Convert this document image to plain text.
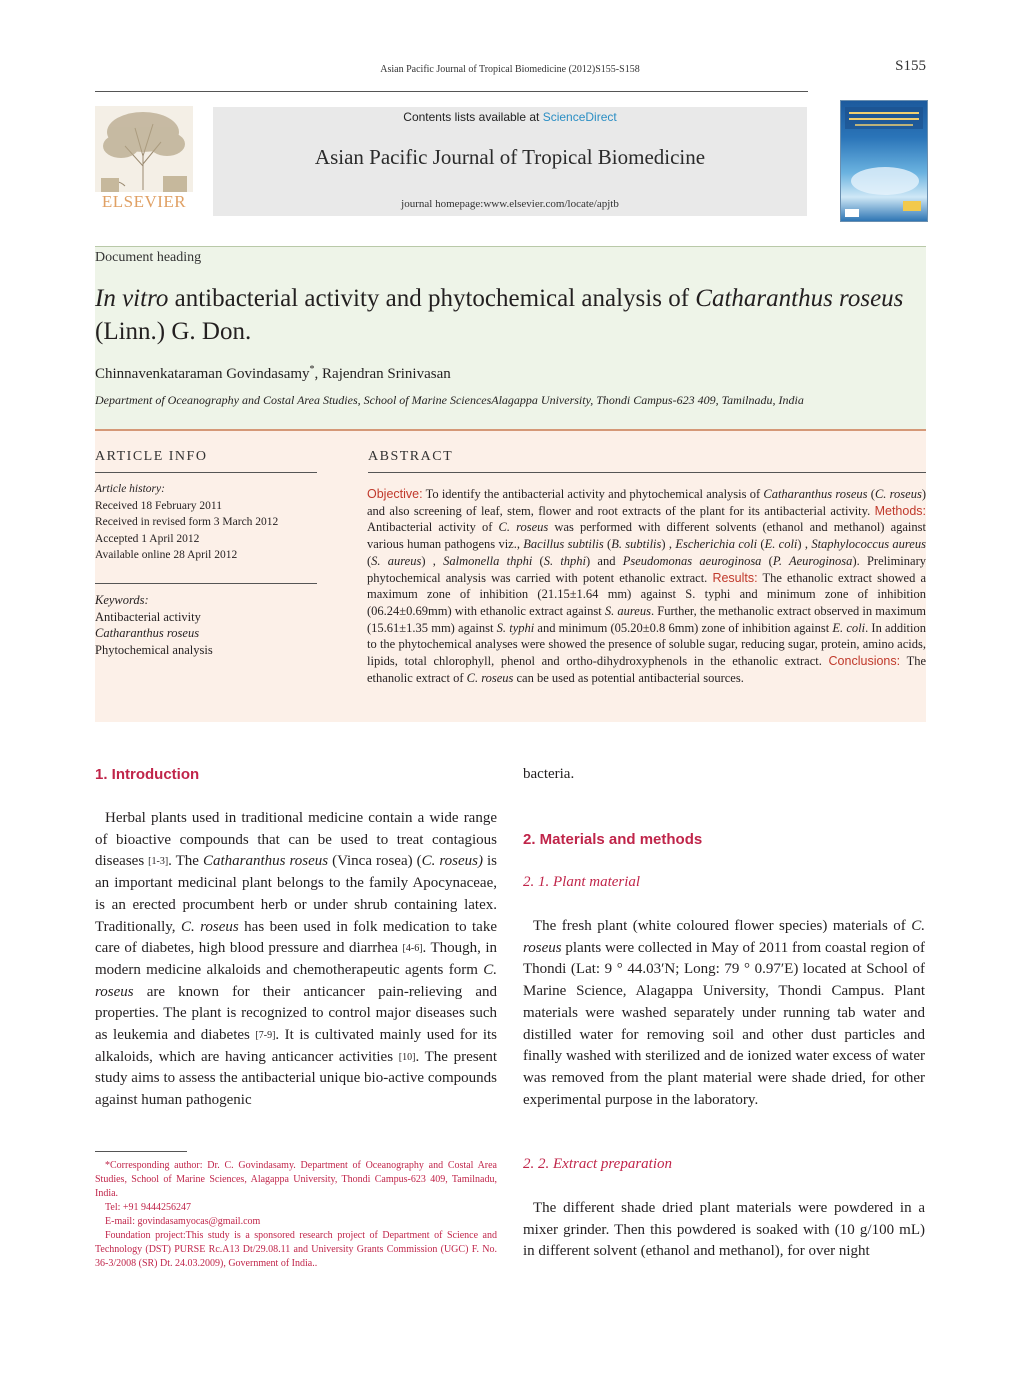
Asian Pacific Journal of Tropical Biomedicine (2012)S155-S158	S155
ELSEVIER
Contents lists available at ScienceDirect
Asian Pacific Journal of Tropical Biomedicine
journal homepage:www.elsevier.com/locate/apjtb
Document heading
In vitro antibacterial activity and phytochemical analysis of Catharanthus roseus (Linn.) G. Don.
Chinnavenkataraman Govindasamy*, Rajendran Srinivasan
Department of Oceanography and Costal Area Studies, School of Marine SciencesAlagappa University, Thondi Campus-623 409, Tamilnadu, India
ARTICLE INFO	ABSTRACT
Article history:
Received 18 February 2011
Received in revised form 3 March 2012
Accepted 1 April 2012
Available online 28 April 2012
Keywords:
Antibacterial activity
Catharanthus roseus
Phytochemical analysis
Objective: To identify the antibacterial activity and phytochemical analysis of Catharanthus roseus (C. roseus) and also screening of leaf, stem, flower and root extracts of the plant for its antibacterial activity. Methods: Antibacterial activity of C. roseus was performed with different solvents (ethanol and methanol) against various human pathogens viz., Bacillus subtilis (B. subtilis) , Escherichia coli (E. coli) , Staphylococcus aureus (S. aureus) , Salmonella thphi (S. thphi) and Pseudomonas aeuroginosa (P. Aeuroginosa). Preliminary phytochemical analysis was carried with potent ethanolic extract. Results: The ethanolic extract showed a maximum zone of inhibition (21.15±1.64 mm) against S. typhi and minimum zone of inhibition (06.24±0.69mm) with ethanolic extract against S. aureus. Further, the methanolic extract observed in maximum (15.61±1.35 mm) against S. typhi and minimum (05.20±0.8 6mm) zone of inhibition against E. coli. In addition to the phytochemical analyses were showed the presence of soluble sugar, reducing sugar, protein, amino acids, lipids, total chlorophyll, phenol and ortho-dihydroxyphenols in the ethanolic extract. Conclusions: The ethanolic extract of C. roseus can be used as potential antibacterial sources.
1. Introduction
Herbal plants used in traditional medicine contain a wide range of bioactive compounds that can be used to treat contagious diseases [1-3]. The Catharanthus roseus (Vinca rosea) (C. roseus) is an important medicinal plant belongs to the family Apocynaceae, is an erected procumbent herb or under shrub containing latex. Traditionally, C. roseus has been used in folk medication to take care of diabetes, high blood pressure and diarrhea [4-6]. Though, in modern medicine alkaloids and chemotherapeutic agents form C. roseus are known for their anticancer pain-relieving and properties. The plant is recognized to control major diseases such as leukemia and diabetes [7-9]. It is cultivated mainly used for its alkaloids, which are having anticancer activities [10]. The present study aims to assess the antibacterial unique bio-active compounds against human pathogenic
*Corresponding author: Dr. C. Govindasamy. Department of Oceanography and Costal Area Studies, School of Marine Sciences, Alagappa University, Thondi Campus-623 409, Tamilnadu, India.
Tel: +91 9444256247
E-mail: govindasamyocas@gmail.com
Foundation project:This study is a sponsored research project of Department of Science and Technology (DST) PURSE Rc.A13 Dt/29.08.11 and University Grants Commission (UGC) F. No. 36-3/2008 (SR) Dt. 24.03.2009), Government of India..
bacteria.
2. Materials and methods
2. 1. Plant material
The fresh plant (white coloured flower species) materials of C. roseus plants were collected in May of 2011 from coastal region of Thondi (Lat: 9 ° 44.03′N; Long: 79 ° 0.97′E) located at School of Marine Science, Alagappa University, Thondi Campus. Plant materials were washed separately under running tab water and distilled water for removing soil and other dust particles and finally washed with sterilized and de ionized water excess of water was removed from the plant material were shade dried, for other experimental purpose in the laboratory.
2. 2. Extract preparation
The different shade dried plant materials were powdered in a mixer grinder. Then this powdered is soaked with (10 g/100 mL) in different solvent (ethanol and methanol), for over night
